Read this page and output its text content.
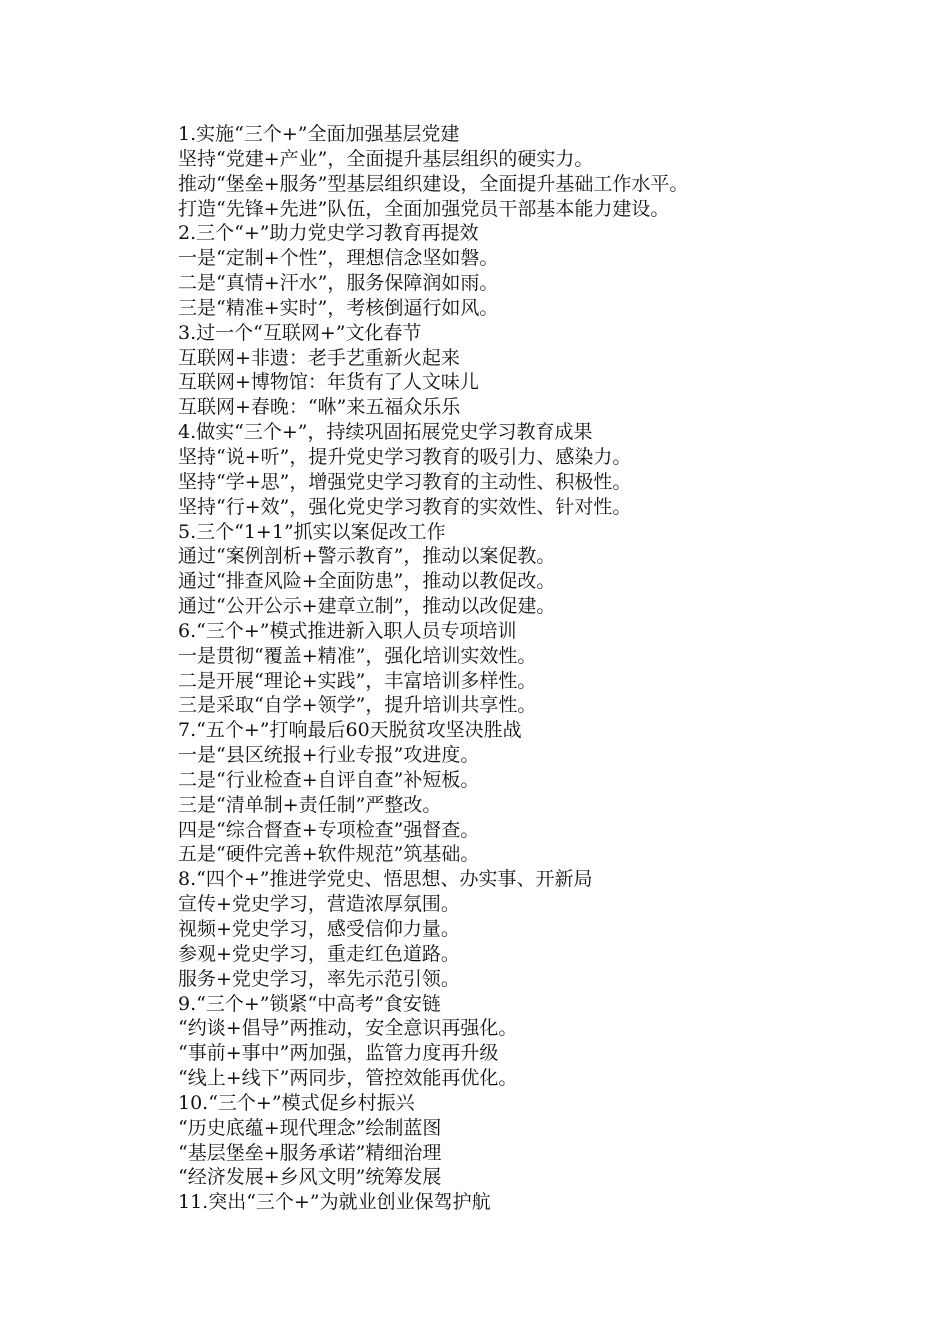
1.实施“三个+”全面加强基层党建
坚持“党建+产业”，全面提升基层组织的硬实力。
推动“堡垒+服务”型基层组织建设，全面提升基础工作水平。
打造“先锋+先进”队伍，全面加强党员干部基本能力建设。
2.三个“+”助力党史学习教育再提效
一是“定制+个性”，理想信念坚如磐。
二是“真情+汗水”，服务保障润如雨。
三是“精准+实时”，考核倒逼行如风。
3.过一个“互联网+”文化春节
互联网+非遗：老手艺重新火起来
互联网+博物馆：年货有了人文味儿
互联网+春晚：“咻”来五福众乐乐
4.做实“三个+”，持续巩固拓展党史学习教育成果
坚持“说+听”，提升党史学习教育的吸引力、感染力。
坚持“学+思”，增强党史学习教育的主动性、积极性。
坚持“行+效”，强化党史学习教育的实效性、针对性。
5.三个“1+1”抓实以案促改工作
通过“案例剖析+警示教育”，推动以案促教。
通过“排查风险+全面防患”，推动以教促改。
通过“公开公示+建章立制”，推动以改促建。
6.“三个+”模式推进新入职人员专项培训
一是贯彻“覆盖+精准”，强化培训实效性。
二是开展“理论+实践”，丰富培训多样性。
三是采取“自学+领学”，提升培训共享性。
7.“五个+”打响最后60天脱贫攻坚决胜战
一是“县区统报+行业专报”攻进度。
二是“行业检查+自评自查”补短板。
三是“清单制+责任制”严整改。
四是“综合督查+专项检查”强督查。
五是“硬件完善+软件规范”筑基础。
8.“四个+”推进学党史、悟思想、办实事、开新局
宣传+党史学习，营造浓厚氛围。
视频+党史学习，感受信仰力量。
参观+党史学习，重走红色道路。
服务+党史学习，率先示范引领。
9.“三个+”锁紧“中高考”食安链
“约谈+倡导”两推动，安全意识再强化。
“事前+事中”两加强，监管力度再升级
“线上+线下”两同步，管控效能再优化。
10.“三个+”模式促乡村振兴
“历史底蕴+现代理念”绘制蓝图
“基层堡垒+服务承诺”精细治理
“经济发展+乡风文明”统筹发展
11.突出“三个+”为就业创业保驾护航
